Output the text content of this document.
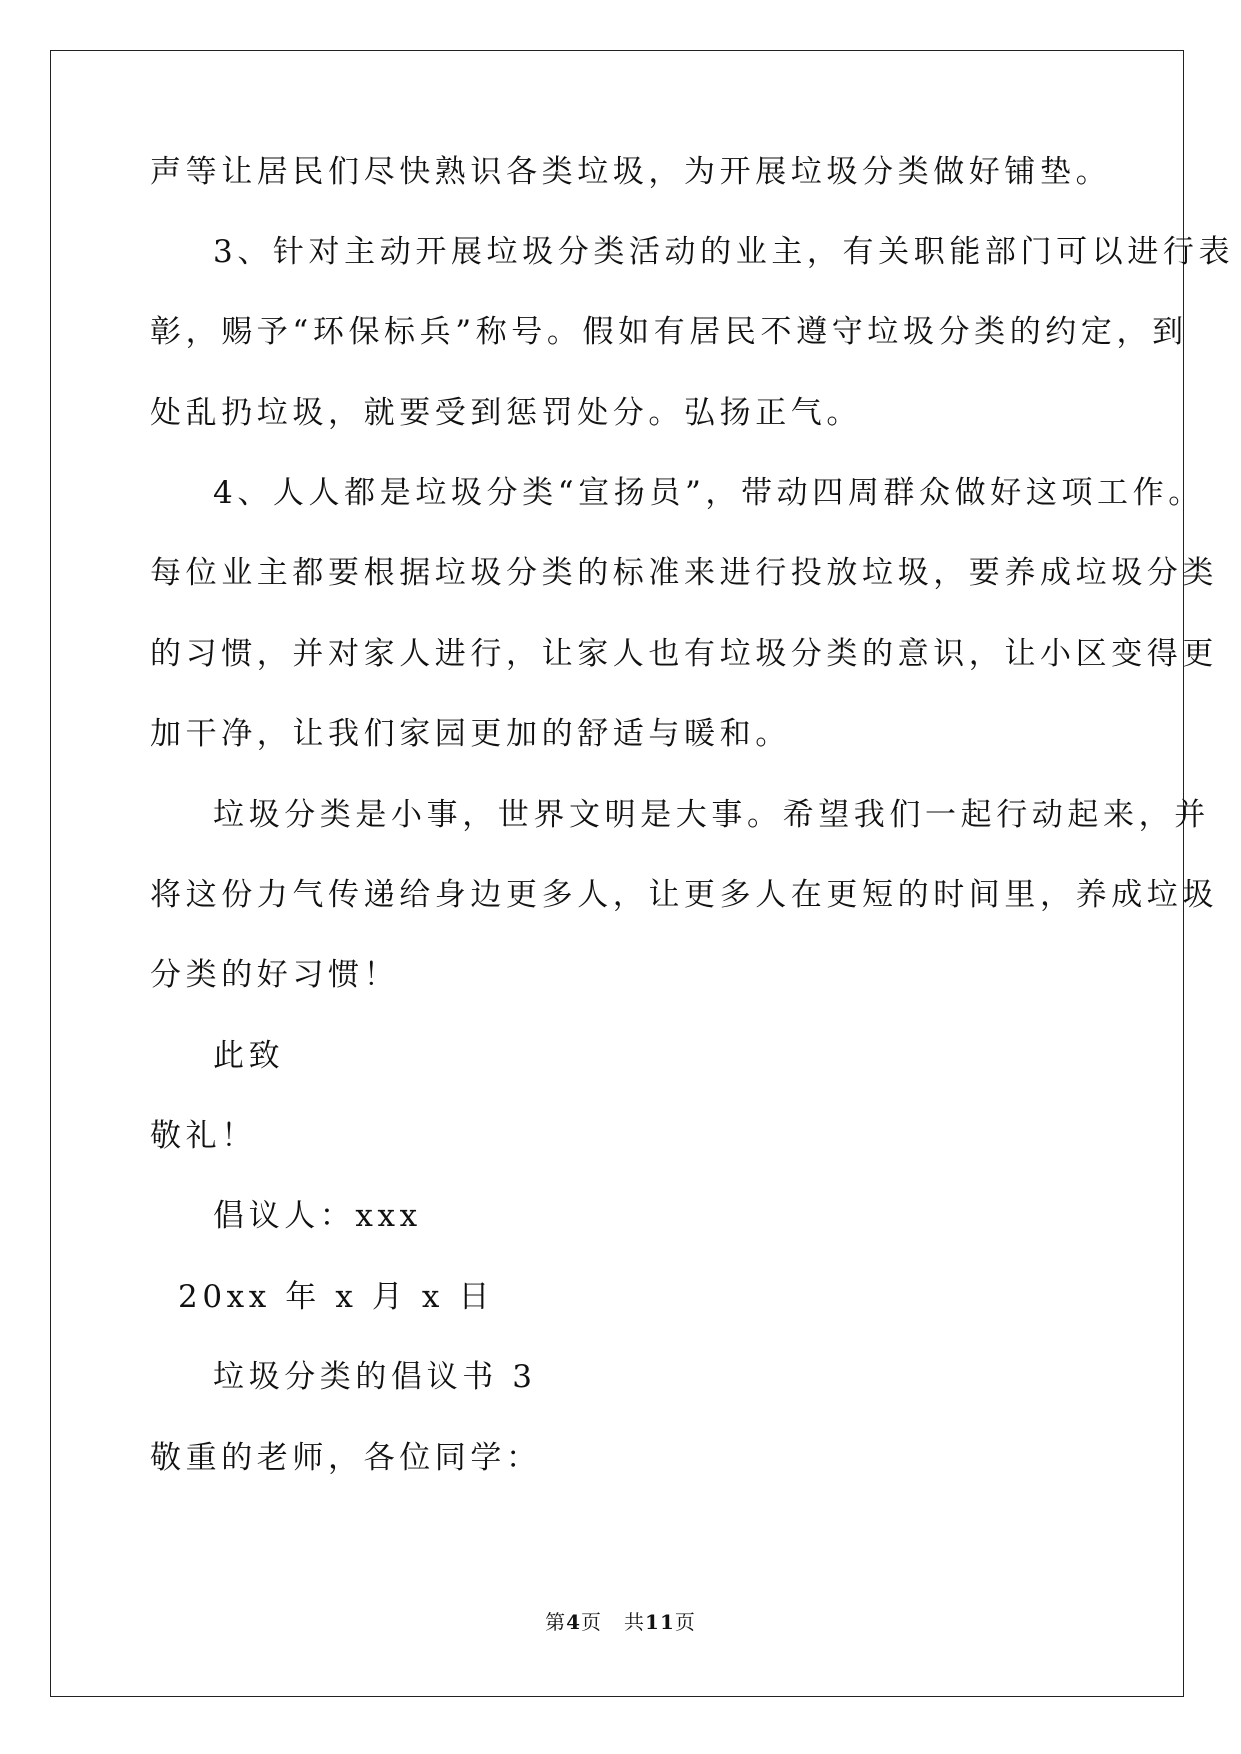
声等让居民们尽快熟识各类垃圾，为开展垃圾分类做好铺垫。
3、针对主动开展垃圾分类活动的业主，有关职能部门可以进行表
彰，赐予“环保标兵”称号。假如有居民不遵守垃圾分类的约定，到
处乱扔垃圾，就要受到惩罚处分。弘扬正气。
4、人人都是垃圾分类“宣扬员”，带动四周群众做好这项工作。
每位业主都要根据垃圾分类的标准来进行投放垃圾，要养成垃圾分类
的习惯，并对家人进行，让家人也有垃圾分类的意识，让小区变得更
加干净，让我们家园更加的舒适与暖和。
垃圾分类是小事，世界文明是大事。希望我们一起行动起来，并
将这份力气传递给身边更多人，让更多人在更短的时间里，养成垃圾
分类的好习惯！
此致
敬礼！
倡议人：xxx
20xx 年 x 月 x 日
垃圾分类的倡议书 3
敬重的老师，各位同学：
第4页 共11页
